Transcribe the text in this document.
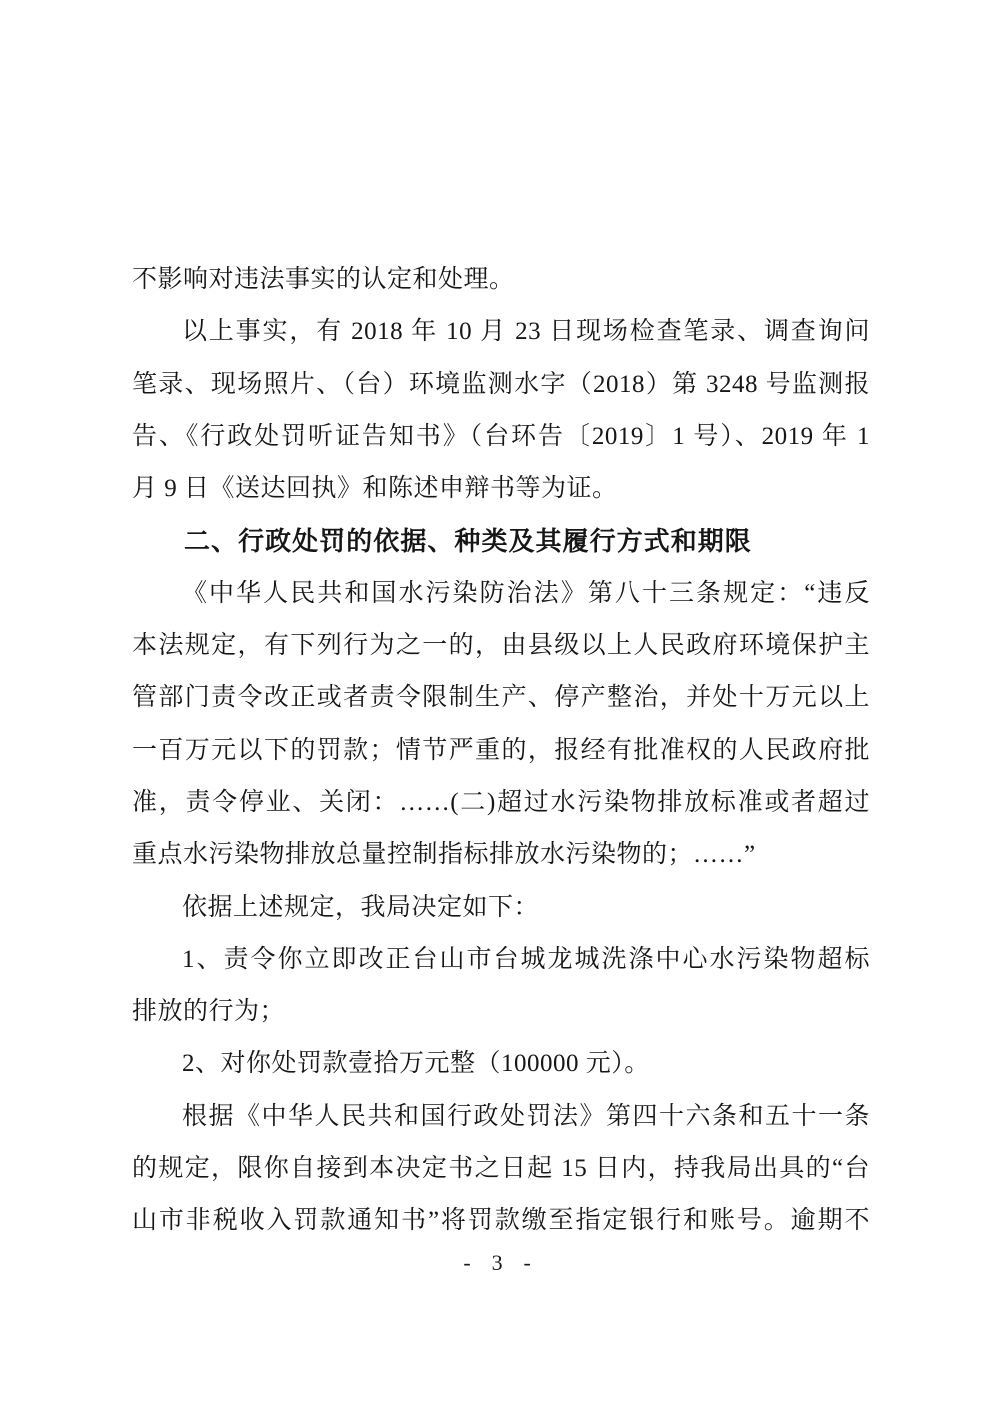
不影响对违法事实的认定和处理。
以上事实，有 2018 年 10 月 23 日现场检查笔录、调查询问
笔录、现场照片、（台）环境监测水字（2018）第 3248 号监测报
告、《行政处罚听证告知书》（台环告〔2019〕1 号）、2019 年 1
月 9 日《送达回执》和陈述申辩书等为证。
二、行政处罚的依据、种类及其履行方式和期限
《中华人民共和国水污染防治法》第八十三条规定：“违反
本法规定，有下列行为之一的，由县级以上人民政府环境保护主
管部门责令改正或者责令限制生产、停产整治，并处十万元以上
一百万元以下的罚款；情节严重的，报经有批准权的人民政府批
准，责令停业、关闭：……(二)超过水污染物排放标准或者超过
重点水污染物排放总量控制指标排放水污染物的；……”
依据上述规定，我局决定如下：
1、责令你立即改正台山市台城龙城洗涤中心水污染物超标
排放的行为；
2、对你处罚款壹拾万元整（100000 元）。
根据《中华人民共和国行政处罚法》第四十六条和五十一条
的规定，限你自接到本决定书之日起 15 日内，持我局出具的“台
山市非税收入罚款通知书”将罚款缴至指定银行和账号。逾期不
- 3 -
